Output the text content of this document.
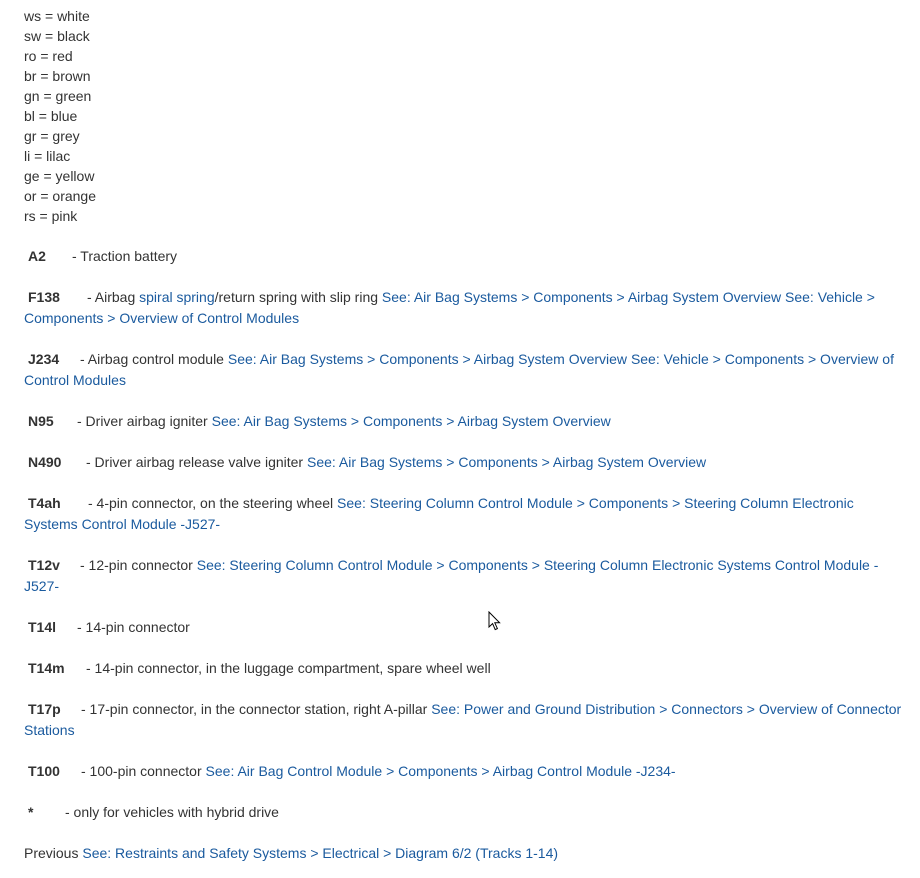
ws = white
sw = black
ro = red
br = brown
gn = green
bl = blue
gr = grey
li = lilac
ge = yellow
or = orange
rs = pink

A2 - Traction battery

F138 - Airbag spiral spring/return spring with slip ring See: Air Bag Systems > Components > Airbag System Overview See: Vehicle > Components > Overview of Control Modules

J234 - Airbag control module See: Air Bag Systems > Components > Airbag System Overview See: Vehicle > Components > Overview of Control Modules

N95 - Driver airbag igniter See: Air Bag Systems > Components > Airbag System Overview

N490 - Driver airbag release valve igniter See: Air Bag Systems > Components > Airbag System Overview

T4ah - 4-pin connector, on the steering wheel See: Steering Column Control Module > Components > Steering Column Electronic Systems Control Module -J527-

T12v - 12-pin connector See: Steering Column Control Module > Components > Steering Column Electronic Systems Control Module -J527-

T14l - 14-pin connector

T14m - 14-pin connector, in the luggage compartment, spare wheel well

T17p - 17-pin connector, in the connector station, right A-pillar See: Power and Ground Distribution > Connectors > Overview of Connector Stations

T100 - 100-pin connector See: Air Bag Control Module > Components > Airbag Control Module -J234-

* - only for vehicles with hybrid drive

Previous See: Restraints and Safety Systems > Electrical > Diagram 6/2 (Tracks 1-14)
